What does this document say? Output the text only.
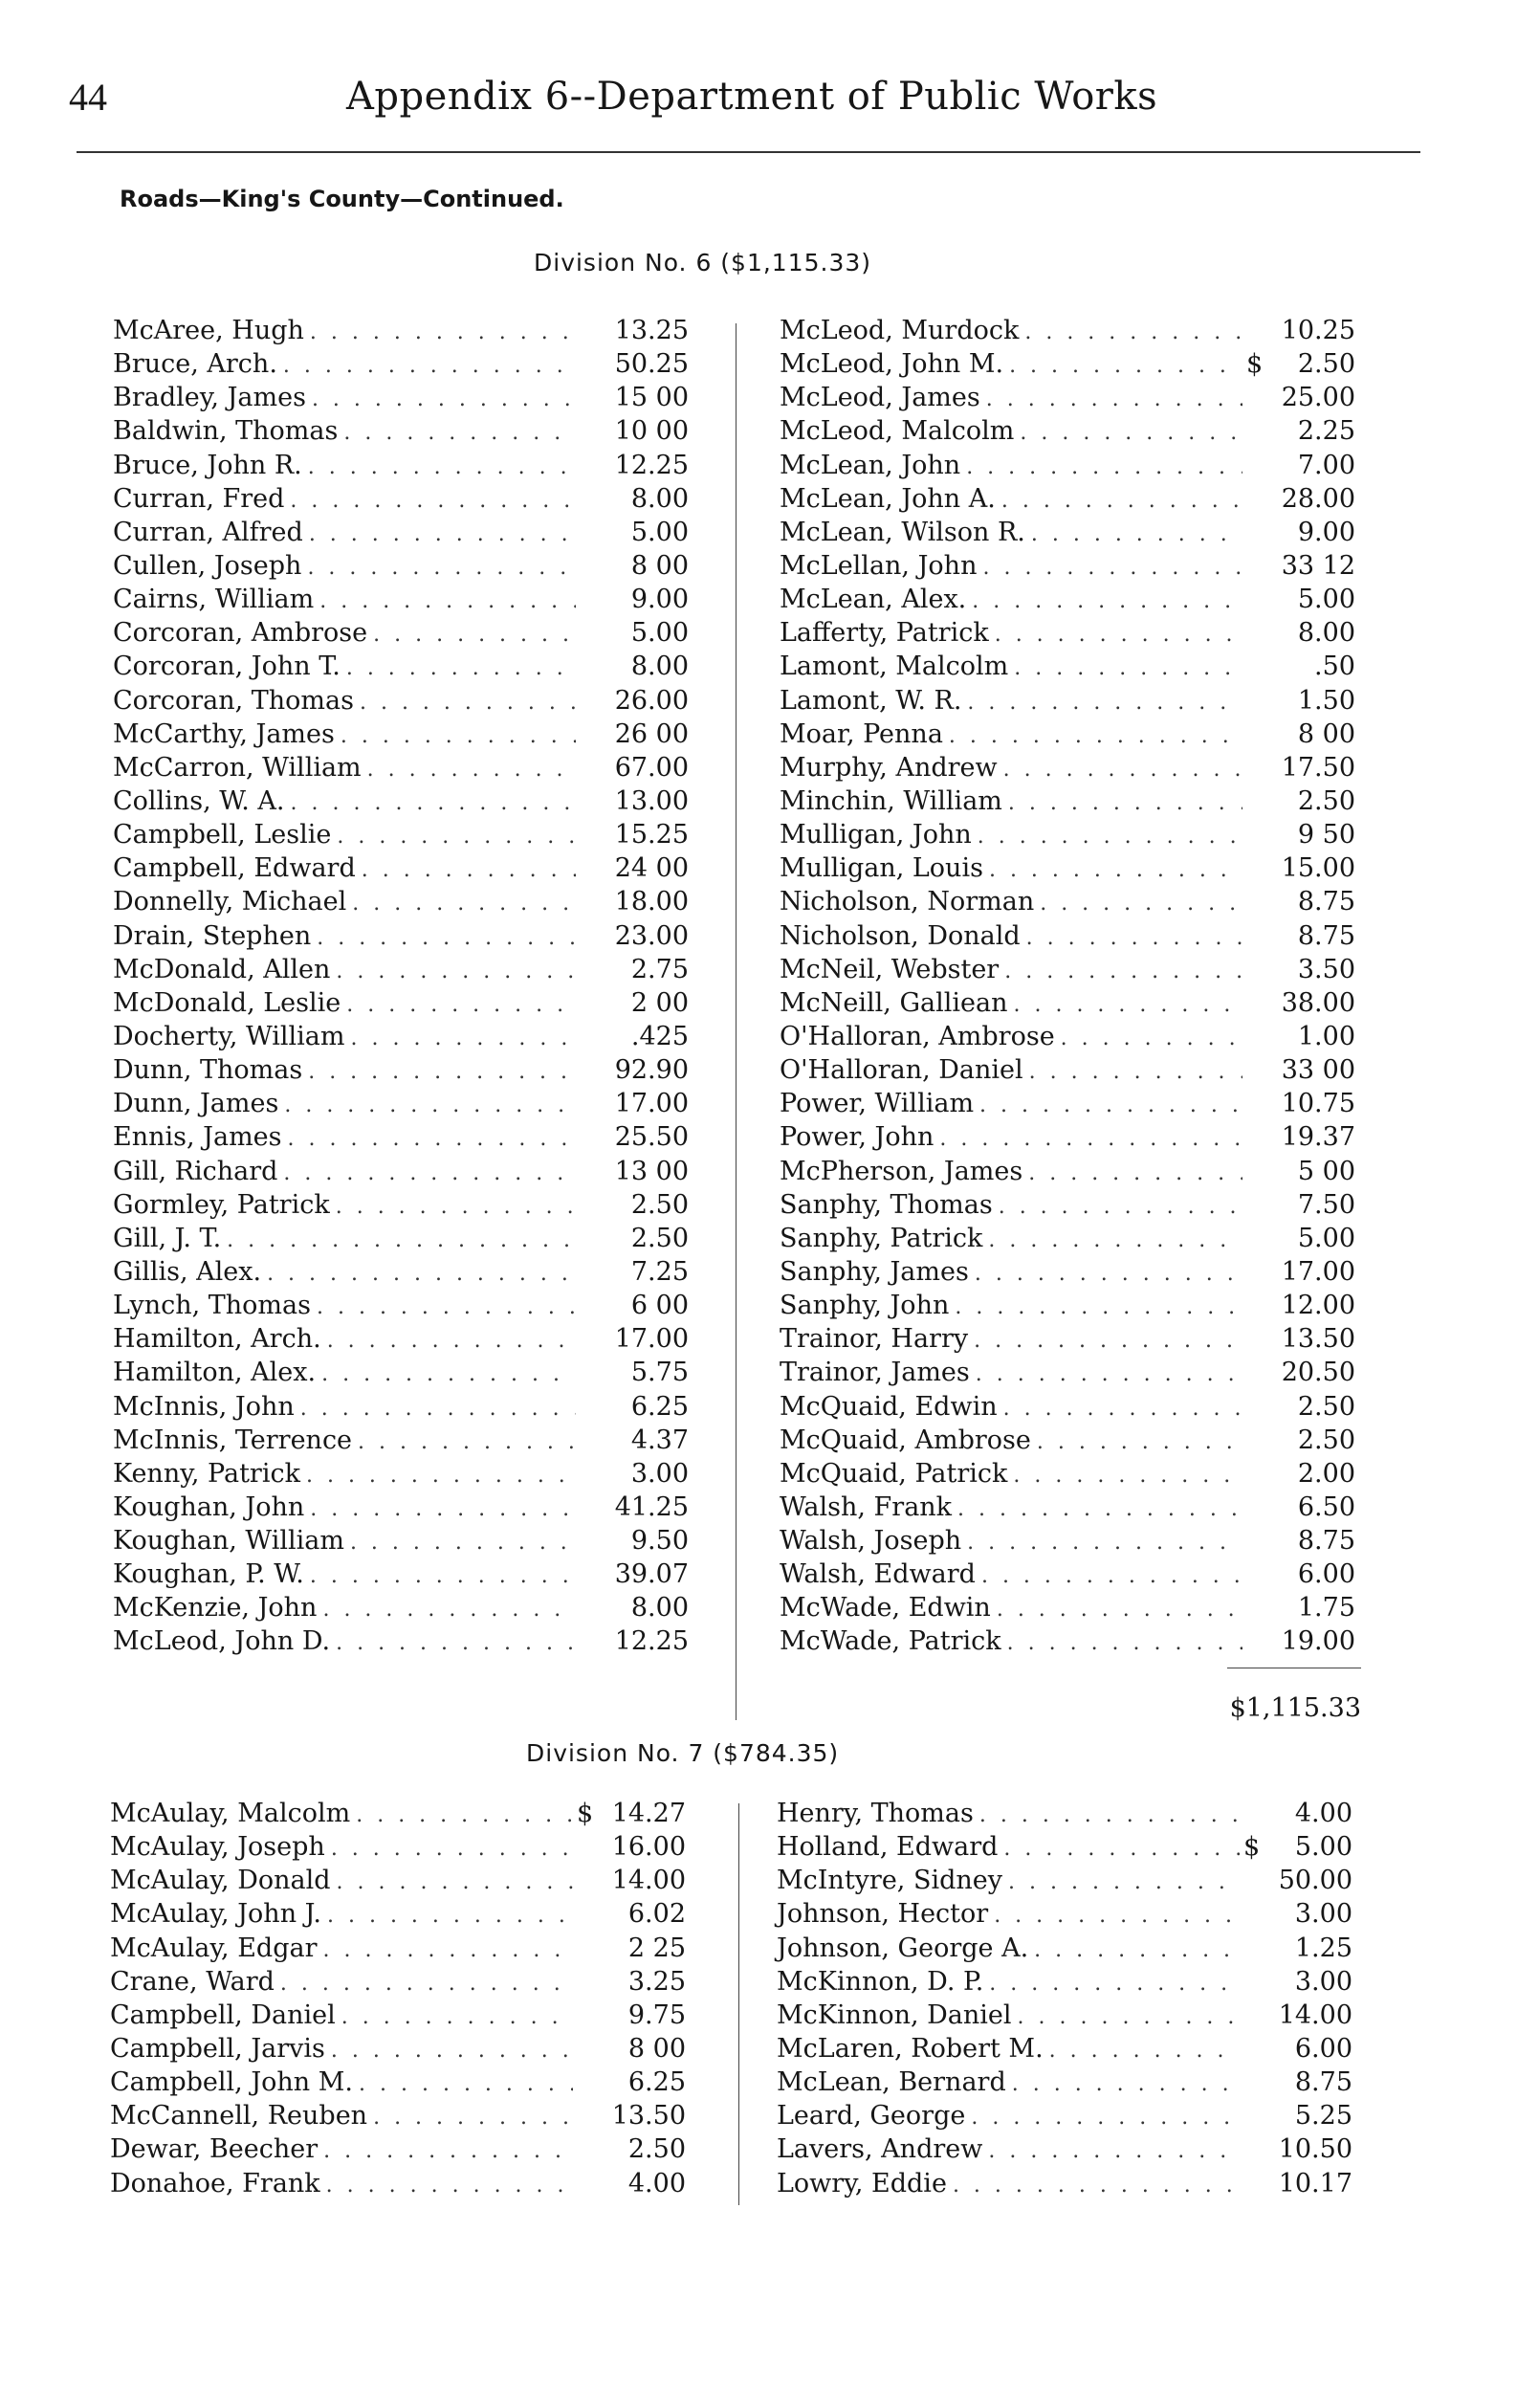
44	Appendix 6--Department of Public Works
Roads—King's County—Continued.
Division No. 6 ($1,115.33)
McAree, Hugh . . .	13.25
Bruce, Arch. . . .	50.25
Bradley, James . . .	15 00
Baldwin, Thomas . . .	10 00
Bruce, John R. . . .	12.25
Curran, Fred . . .	8.00
Curran, Alfred . . .	5.00
Cullen, Joseph . . .	8 00
Cairns, William . . .	9.00
Corcoran, Ambrose . . .	5.00
Corcoran, John T. . . .	8.00
Corcoran, Thomas . . .	26.00
McCarthy, James . . .	26 00
McCarron, William . . .	67.00
Collins, W. A. . . .	13.00
Campbell, Leslie . . .	15.25
Campbell, Edward . . .	24 00
Donnelly, Michael . . .	18.00
Drain, Stephen . . .	23.00
McDonald, Allen . . .	2.75
McDonald, Leslie . . .	2 00
Docherty, William . . .	.425
Dunn, Thomas . . .	92.90
Dunn, James . . .	17.00
Ennis, James . . .	25.50
Gill, Richard . . .	13 00
Gormley, Patrick . . .	2.50
Gill, J. T. . . .	2.50
Gillis, Alex. . . .	7.25
Lynch, Thomas . . .	6 00
Hamilton, Arch. . . .	17.00
Hamilton, Alex. . . .	5.75
McInnis, John . . .	6.25
McInnis, Terrence . . .	4.37
Kenny, Patrick . . .	3.00
Koughan, John . . .	41.25
Koughan, William . . .	9.50
Koughan, P. W. . . .	39.07
McKenzie, John . . .	8.00
McLeod, John D. . . .	12.25
McLeod, Murdock . . .	10.25
McLeod, John M. . . .	$	2.50
McLeod, James . . .	25.00
McLeod, Malcolm . . .	2.25
McLean, John . . .	7.00
McLean, John A. . . .	28.00
McLean, Wilson R. . . .	9.00
McLellan, John . . .	33 12
McLean, Alex. . . .	5.00
Lafferty, Patrick . . .	8.00
Lamont, Malcolm . . .	.50
Lamont, W. R. . . .	1.50
Moar, Penna . . .	8 00
Murphy, Andrew . . .	17.50
Minchin, William . . .	2.50
Mulligan, John . . .	9 50
Mulligan, Louis . . .	15.00
Nicholson, Norman . . .	8.75
Nicholson, Donald . . .	8.75
McNeil, Webster . . .	3.50
McNeill, Galliean . . .	38.00
O'Halloran, Ambrose . . .	1.00
O'Halloran, Daniel . . .	33 00
Power, William . . .	10.75
Power, John . . .	19.37
McPherson, James . . .	5 00
Sanphy, Thomas . . .	7.50
Sanphy, Patrick . . .	5.00
Sanphy, James . . .	17.00
Sanphy, John . . .	12.00
Trainor, Harry . . .	13.50
Trainor, James . . .	20.50
McQuaid, Edwin . . .	2.50
McQuaid, Ambrose . . .	2.50
McQuaid, Patrick . . .	2.00
Walsh, Frank . . .	6.50
Walsh, Joseph . . .	8.75
Walsh, Edward . . .	6.00
McWade, Edwin . . .	1.75
McWade, Patrick . . .	19.00
$1,115.33
Division No. 7 ($784.35)
McAulay, Malcolm . . .	$ 14.27
McAulay, Joseph . . .	16.00
McAulay, Donald . . .	14.00
McAulay, John J. . . .	6.02
McAulay, Edgar . . .	2 25
Crane, Ward . . .	3.25
Campbell, Daniel . . .	9.75
Campbell, Jarvis . . .	8 00
Campbell, John M. . . .	6.25
McCannell, Reuben . . .	13.50
Dewar, Beecher . . .	2.50
Donahoe, Frank . . .	4.00
Henry, Thomas . . .	4.00
Holland, Edward . . .	$	5.00
McIntyre, Sidney . . .	50.00
Johnson, Hector . . .	3.00
Johnson, George A. . . .	1.25
McKinnon, D. P. . . .	3.00
McKinnon, Daniel . . .	14.00
McLaren, Robert M. . . .	6.00
McLean, Bernard . . .	8.75
Leard, George . . .	5.25
Lavers, Andrew . . .	10.50
Lowry, Eddie . . .	10.17
